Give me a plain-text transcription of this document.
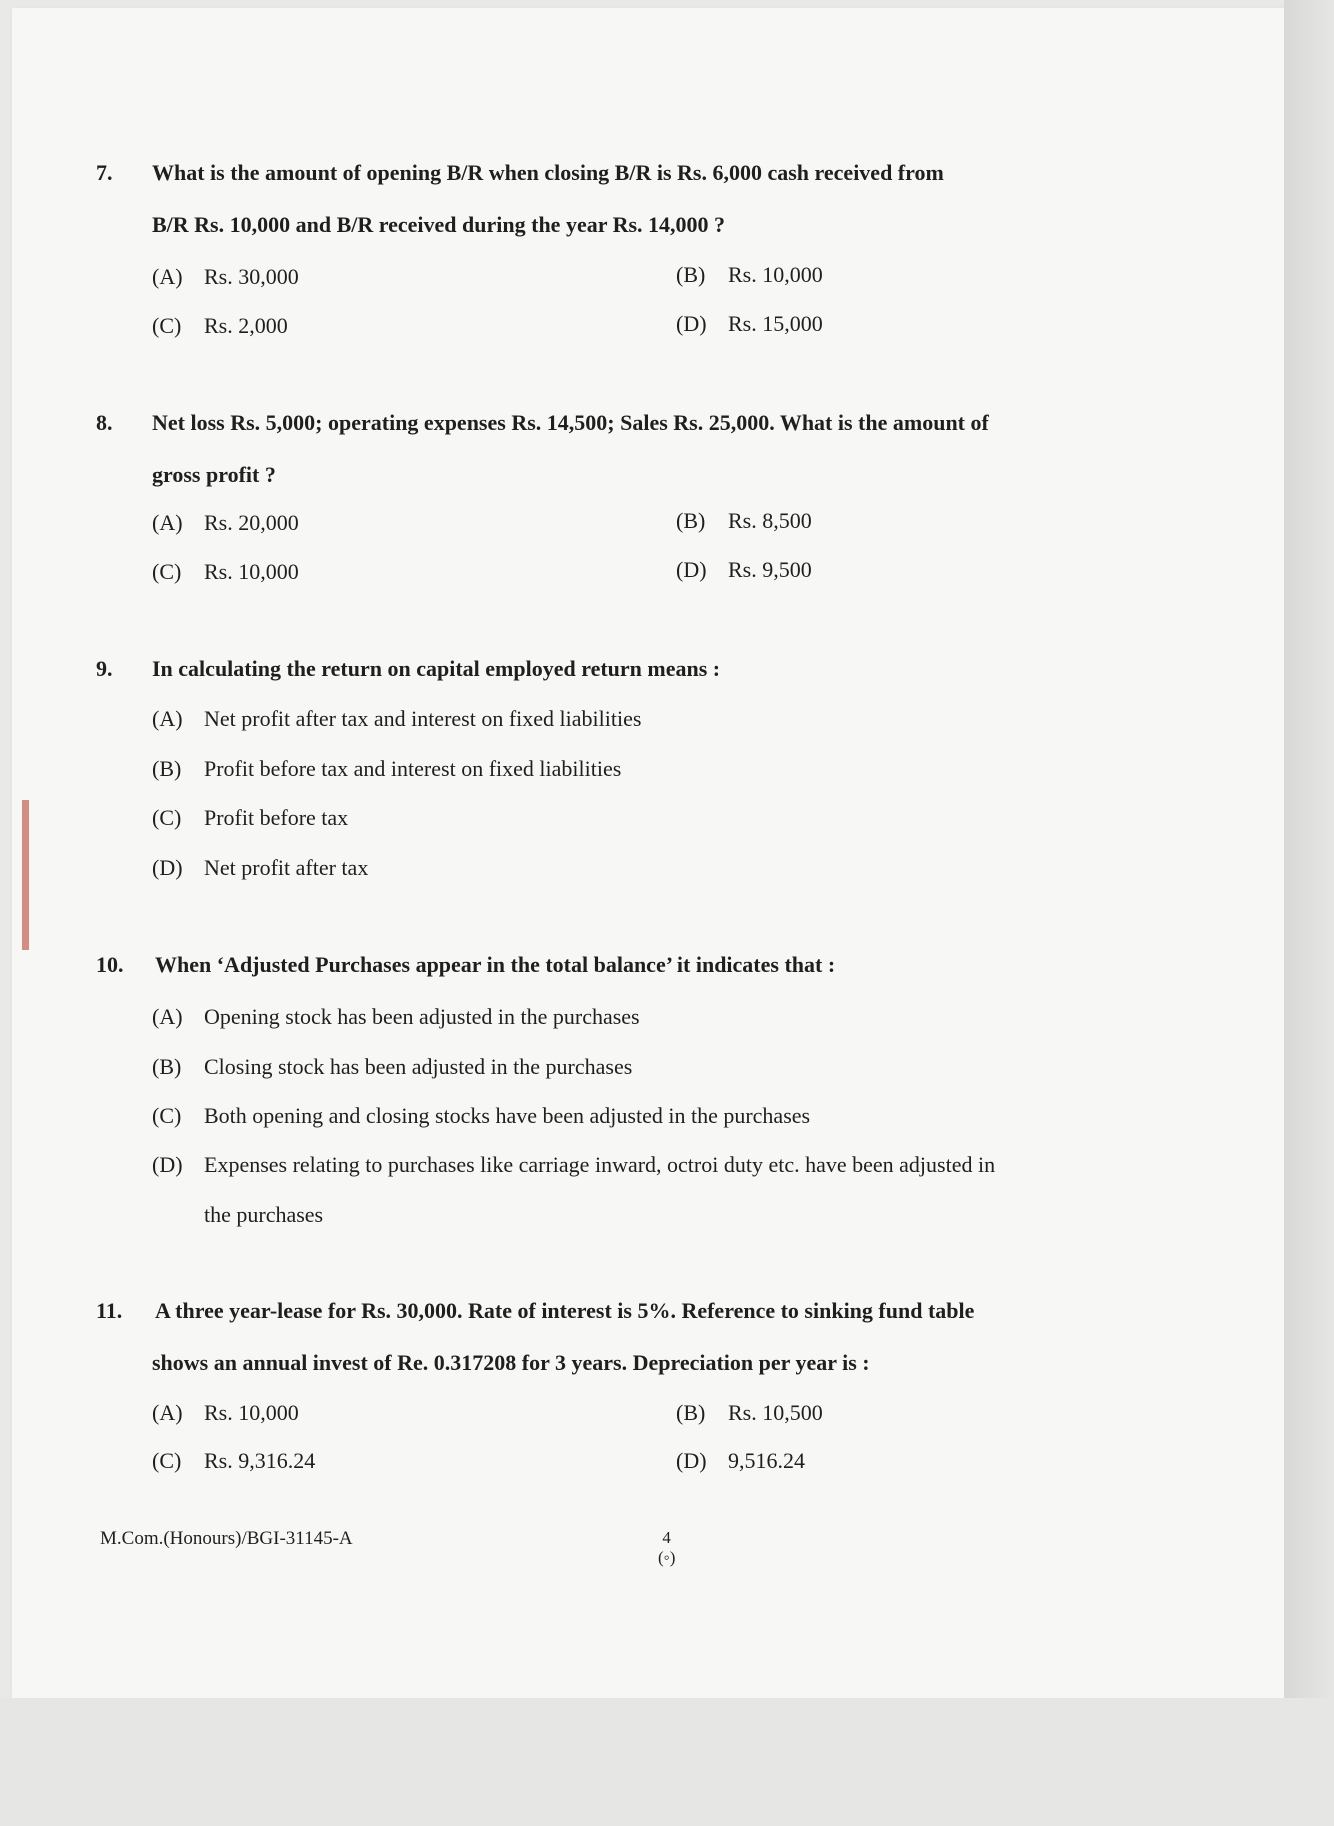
7. What is the amount of opening B/R when closing B/R is Rs. 6,000 cash received from
B/R Rs. 10,000 and B/R received during the year Rs. 14,000 ?
(A) Rs. 30,000	(B) Rs. 10,000
(C) Rs. 2,000	(D) Rs. 15,000
8. Net loss Rs. 5,000; operating expenses Rs. 14,500; Sales Rs. 25,000. What is the amount of
gross profit ?
(A) Rs. 20,000	(B) Rs. 8,500
(C) Rs. 10,000	(D) Rs. 9,500
9. In calculating the return on capital employed return means :
(A) Net profit after tax and interest on fixed liabilities
(B) Profit before tax and interest on fixed liabilities
(C) Profit before tax
(D) Net profit after tax
10. When ‘Adjusted Purchases appear in the total balance’ it indicates that :
(A) Opening stock has been adjusted in the purchases
(B) Closing stock has been adjusted in the purchases
(C) Both opening and closing stocks have been adjusted in the purchases
(D) Expenses relating to purchases like carriage inward, octroi duty etc. have been adjusted in
the purchases
11. A three year-lease for Rs. 30,000. Rate of interest is 5%. Reference to sinking fund table
shows an annual invest of Re. 0.317208 for 3 years. Depreciation per year is :
(A) Rs. 10,000	(B) Rs. 10,500
(C) Rs. 9,316.24	(D) 9,516.24
M.Com.(Honours)/BGI-31145-A	4
(◦)
